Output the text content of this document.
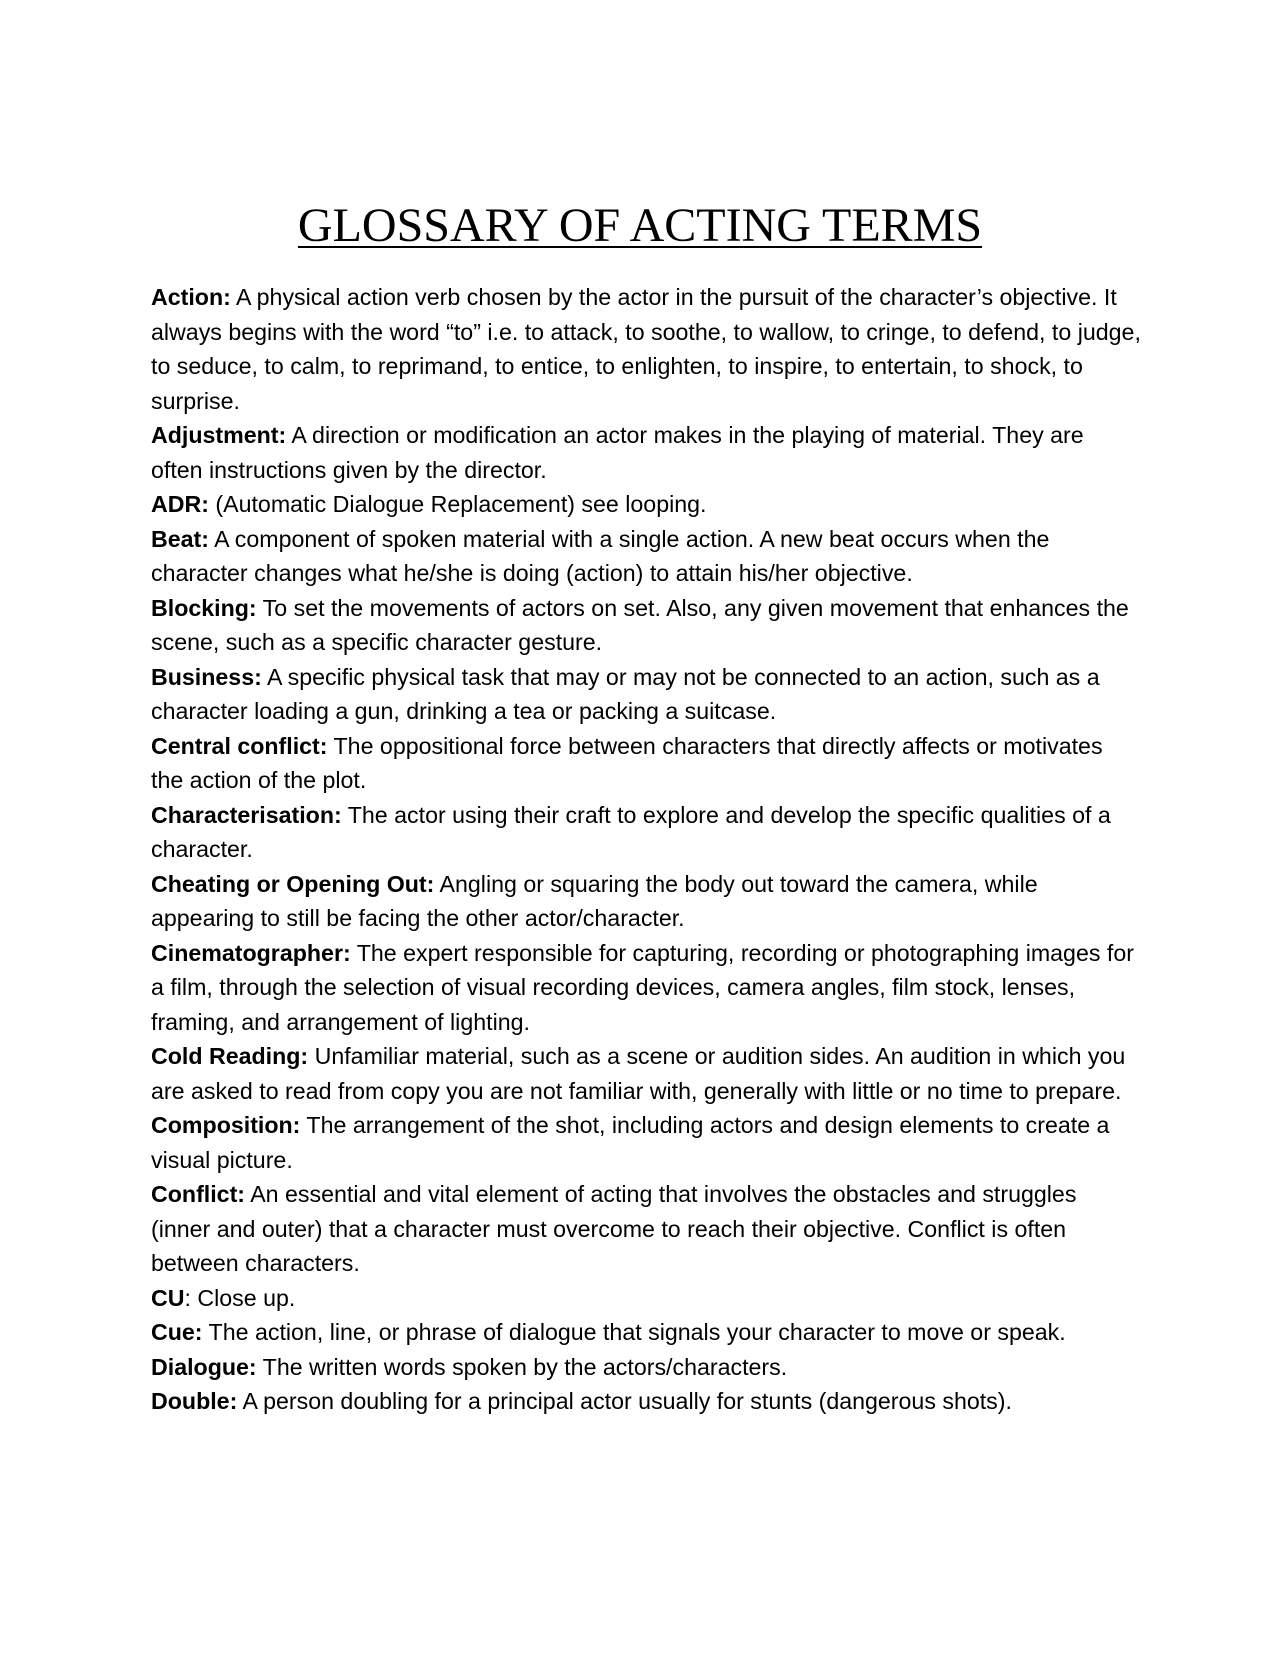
GLOSSARY OF ACTING TERMS
Action: A physical action verb chosen by the actor in the pursuit of the character’s objective. It always begins with the word “to” i.e. to attack, to soothe, to wallow, to cringe, to defend, to judge, to seduce, to calm, to reprimand, to entice, to enlighten, to inspire, to entertain, to shock, to surprise.
Adjustment: A direction or modification an actor makes in the playing of material. They are often instructions given by the director.
ADR: (Automatic Dialogue Replacement) see looping.
Beat: A component of spoken material with a single action. A new beat occurs when the character changes what he/she is doing (action) to attain his/her objective.
Blocking: To set the movements of actors on set. Also, any given movement that enhances the scene, such as a specific character gesture.
Business: A specific physical task that may or may not be connected to an action, such as a character loading a gun, drinking a tea or packing a suitcase.
Central conflict: The oppositional force between characters that directly affects or motivates the action of the plot.
Characterisation: The actor using their craft to explore and develop the specific qualities of a character.
Cheating or Opening Out: Angling or squaring the body out toward the camera, while appearing to still be facing the other actor/character.
Cinematographer: The expert responsible for capturing, recording or photographing images for a film, through the selection of visual recording devices, camera angles, film stock, lenses, framing, and arrangement of lighting.
Cold Reading: Unfamiliar material, such as a scene or audition sides. An audition in which you are asked to read from copy you are not familiar with, generally with little or no time to prepare.
Composition: The arrangement of the shot, including actors and design elements to create a visual picture.
Conflict: An essential and vital element of acting that involves the obstacles and struggles (inner and outer) that a character must overcome to reach their objective. Conflict is often between characters.
CU: Close up.
Cue: The action, line, or phrase of dialogue that signals your character to move or speak.
Dialogue: The written words spoken by the actors/characters.
Double: A person doubling for a principal actor usually for stunts (dangerous shots).
